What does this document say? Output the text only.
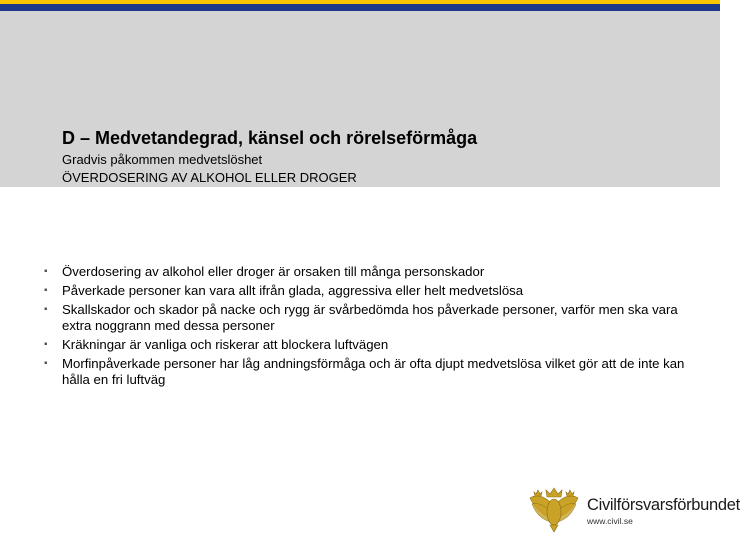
D – Medvetandegrad, känsel och rörelseförmåga
Gradvis påkommen medvetslöshet
ÖVERDOSERING AV ALKOHOL ELLER DROGER
▪ Överdosering av alkohol eller droger är orsaken till många personskador
▪ Påverkade personer kan vara allt ifrån glada, aggressiva eller helt medvetslösa
▪ Skallskador och skador på nacke och rygg är svårbedömda hos påverkade personer, varför men ska vara extra noggrann med dessa personer
▪ Kräkningar är vanliga och riskerar att blockera luftvägen
▪ Morfinpåverkade personer har låg andningsförmåga och är ofta djupt medvetslösa vilket gör att de inte kan hålla en fri luftväg
Civilförsvarsförbundet
www.civil.se
